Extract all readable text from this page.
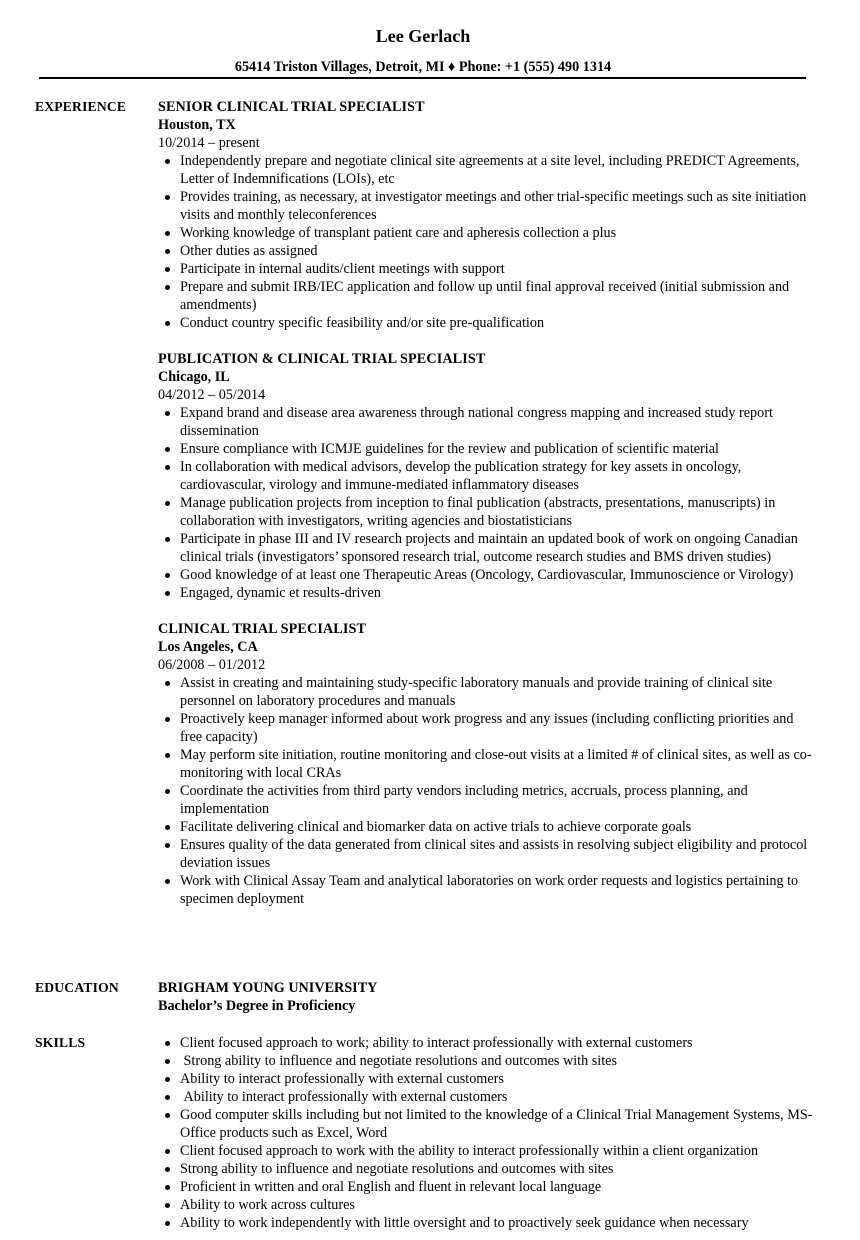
Lee Gerlach
65414 Triston Villages, Detroit, MI ♦ Phone: +1 (555) 490 1314
EXPERIENCE	SENIOR CLINICAL TRIAL SPECIALIST
Houston, TX
10/2014 – present
Independently prepare and negotiate clinical site agreements at a site level, including PREDICT Agreements, Letter of Indemnifications (LOIs), etc
Provides training, as necessary, at investigator meetings and other trial-specific meetings such as site initiation visits and monthly teleconferences
Working knowledge of transplant patient care and apheresis collection a plus
Other duties as assigned
Participate in internal audits/client meetings with support
Prepare and submit IRB/IEC application and follow up until final approval received (initial submission and amendments)
Conduct country specific feasibility and/or site pre-qualification
PUBLICATION & CLINICAL TRIAL SPECIALIST
Chicago, IL
04/2012 – 05/2014
Expand brand and disease area awareness through national congress mapping and increased study report dissemination
Ensure compliance with ICMJE guidelines for the review and publication of scientific material
In collaboration with medical advisors, develop the publication strategy for key assets in oncology, cardiovascular, virology and immune-mediated inflammatory diseases
Manage publication projects from inception to final publication (abstracts, presentations, manuscripts) in collaboration with investigators, writing agencies and biostatisticians
Participate in phase III and IV research projects and maintain an updated book of work on ongoing Canadian clinical trials (investigators’ sponsored research trial, outcome research studies and BMS driven studies)
Good knowledge of at least one Therapeutic Areas (Oncology, Cardiovascular, Immunoscience or Virology)
Engaged, dynamic et results-driven
CLINICAL TRIAL SPECIALIST
Los Angeles, CA
06/2008 – 01/2012
Assist in creating and maintaining study-specific laboratory manuals and provide training of clinical site personnel on laboratory procedures and manuals
Proactively keep manager informed about work progress and any issues (including conflicting priorities and free capacity)
May perform site initiation, routine monitoring and close-out visits at a limited # of clinical sites, as well as co-monitoring with local CRAs
Coordinate the activities from third party vendors including metrics, accruals, process planning, and implementation
Facilitate delivering clinical and biomarker data on active trials to achieve corporate goals
Ensures quality of the data generated from clinical sites and assists in resolving subject eligibility and protocol deviation issues
Work with Clinical Assay Team and analytical laboratories on work order requests and logistics pertaining to specimen deployment
EDUCATION	BRIGHAM YOUNG UNIVERSITY
Bachelor’s Degree in Proficiency
SKILLS	Client focused approach to work; ability to interact professionally with external customers
Strong ability to influence and negotiate resolutions and outcomes with sites
Ability to interact professionally with external customers
Ability to interact professionally with external customers
Good computer skills including but not limited to the knowledge of a Clinical Trial Management Systems, MS-Office products such as Excel, Word
Client focused approach to work with the ability to interact professionally within a client organization
Strong ability to influence and negotiate resolutions and outcomes with sites
Proficient in written and oral English and fluent in relevant local language
Ability to work across cultures
Ability to work independently with little oversight and to proactively seek guidance when necessary
